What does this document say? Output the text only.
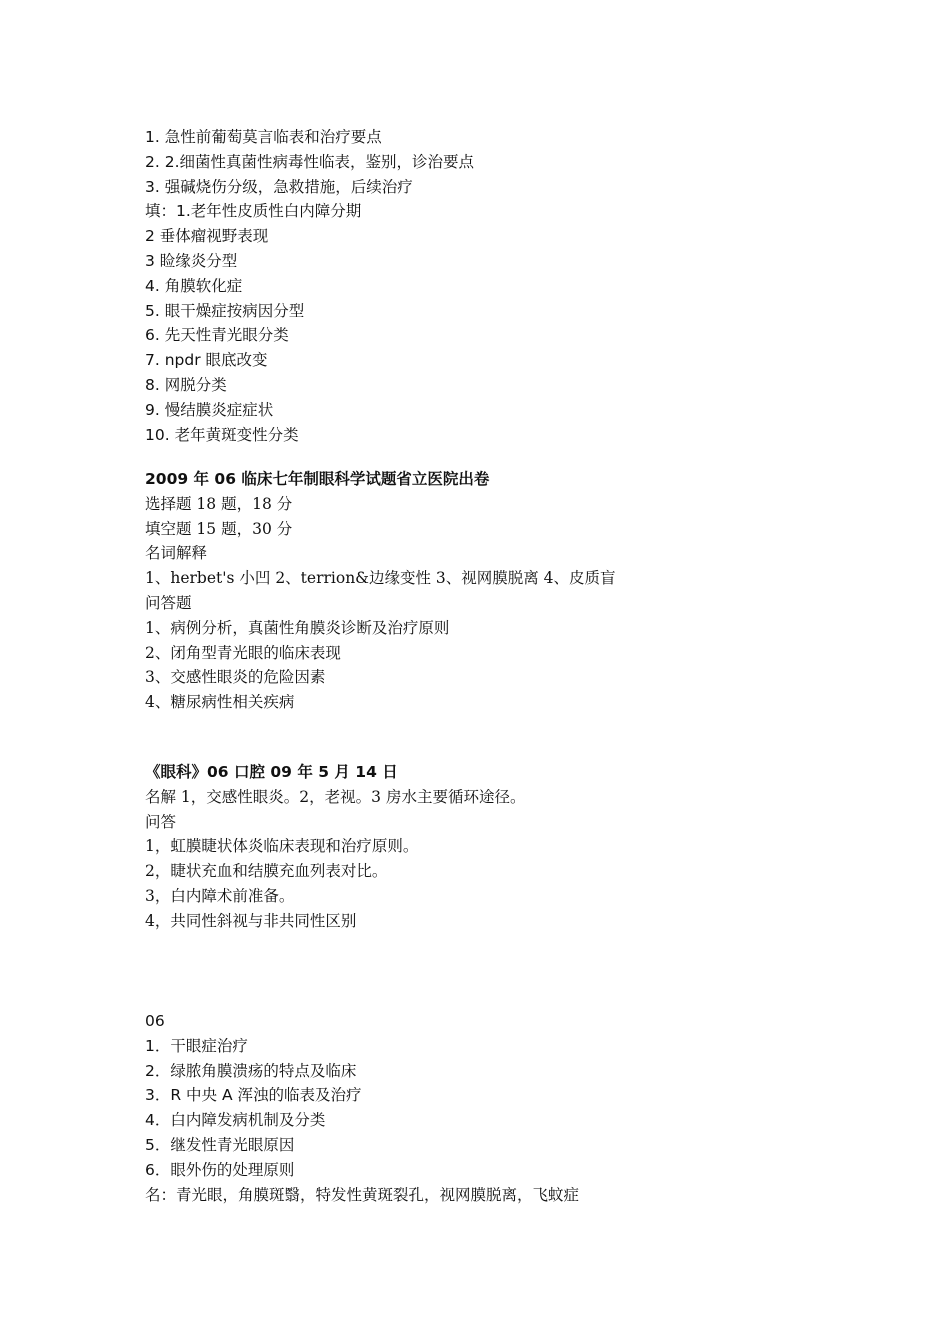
1. 急性前葡萄莫言临表和治疗要点
2. 2.细菌性真菌性病毒性临表，鉴别，诊治要点
3. 强碱烧伤分级，急救措施，后续治疗
填：1.老年性皮质性白内障分期
2 垂体瘤视野表现
3 睑缘炎分型
4. 角膜软化症
5. 眼干燥症按病因分型
6. 先天性青光眼分类
7. npdr 眼底改变
8. 网脱分类
9. 慢结膜炎症症状
10. 老年黄斑变性分类
2009 年 06 临床七年制眼科学试题省立医院出卷
选择题 18 题，18 分
填空题 15 题，30 分
名词解释
1、herbet's 小凹 2、terrion&边缘变性 3、视网膜脱离 4、皮质盲
问答题
1、病例分析，真菌性角膜炎诊断及治疗原则
2、闭角型青光眼的临床表现
3、交感性眼炎的危险因素
4、糖尿病性相关疾病
《眼科》06 口腔 09 年 5 月 14 日
名解 1，交感性眼炎。2，老视。3 房水主要循环途径。
问答
1，虹膜睫状体炎临床表现和治疗原则。
2，睫状充血和结膜充血列表对比。
3，白内障术前准备。
4，共同性斜视与非共同性区别
06
1．干眼症治疗
2．绿脓角膜溃疡的特点及临床
3．R 中央 A 浑浊的临表及治疗
4．白内障发病机制及分类
5．继发性青光眼原因
6．眼外伤的处理原则
名：青光眼，角膜斑翳，特发性黄斑裂孔，视网膜脱离，飞蚊症
